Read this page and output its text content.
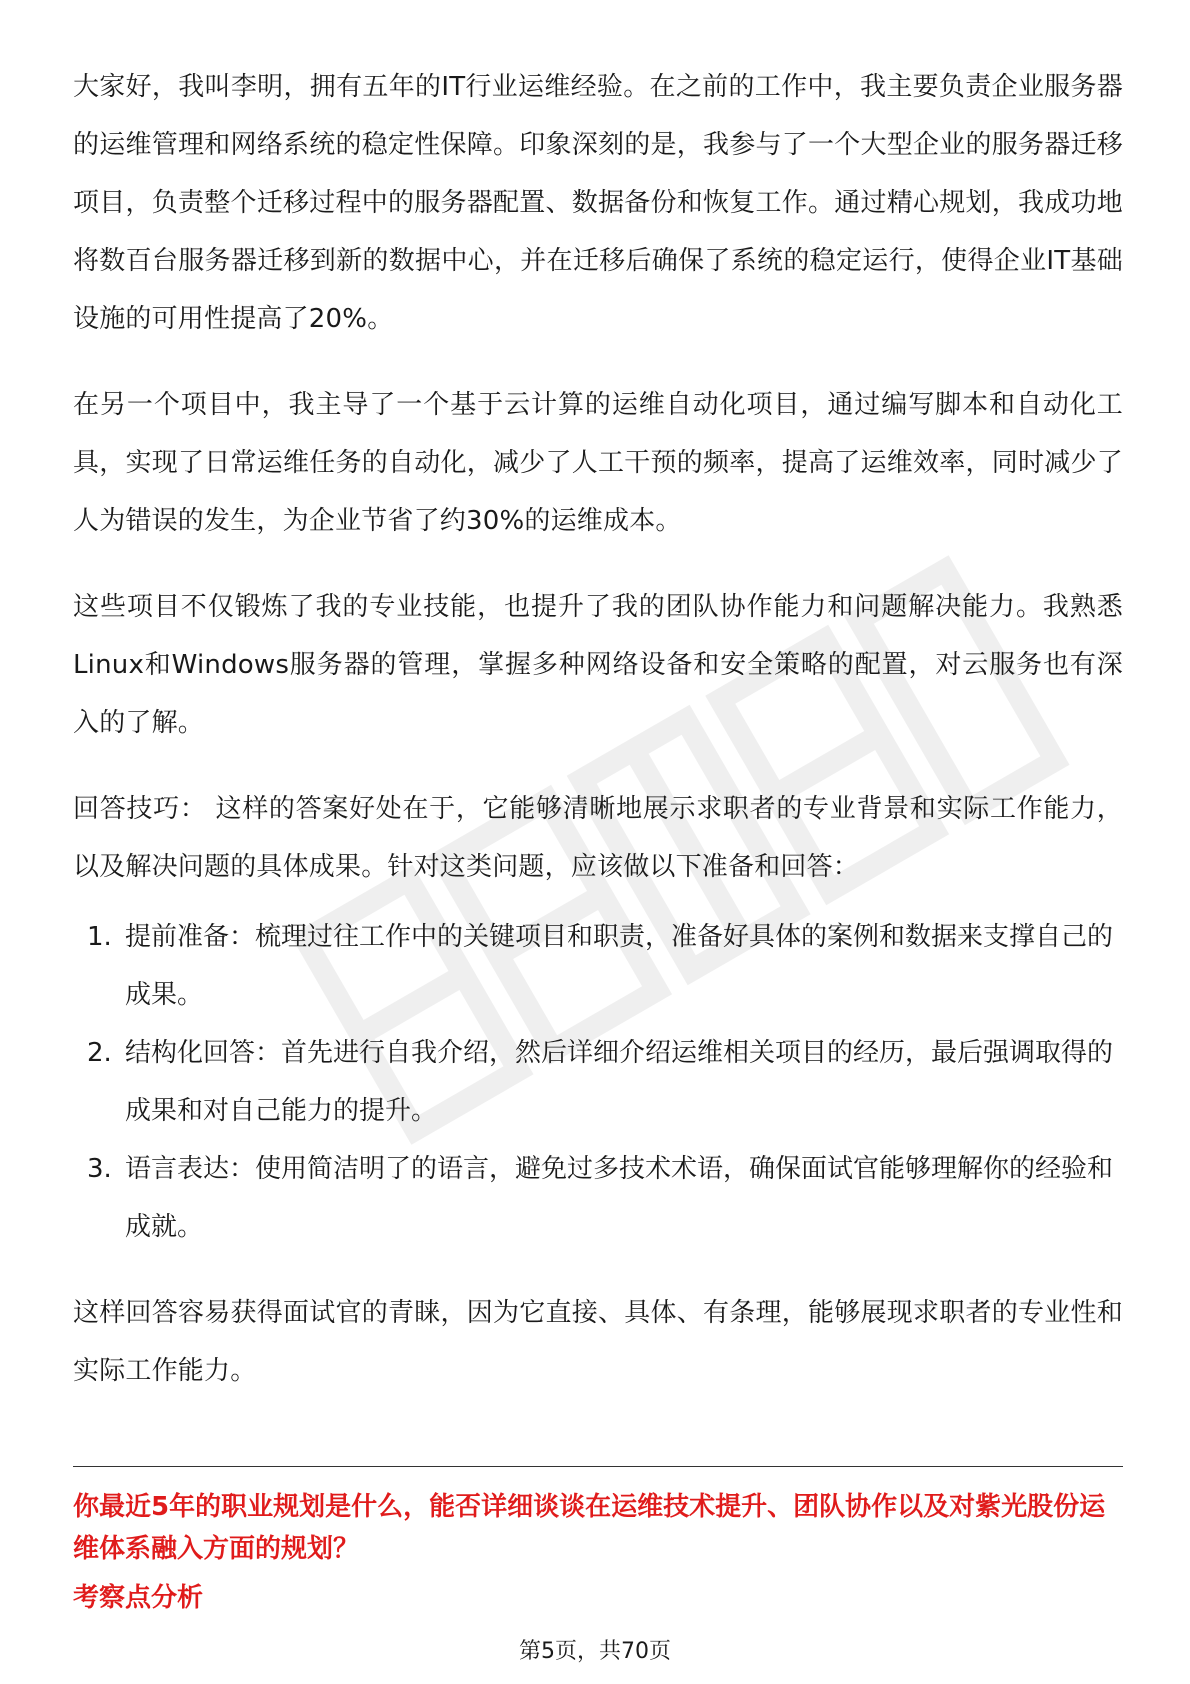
大家好，我叫李明，拥有五年的IT行业运维经验。在之前的工作中，我主要负责企业服务器的运维管理和网络系统的稳定性保障。印象深刻的是，我参与了一个大型企业的服务器迁移项目，负责整个迁移过程中的服务器配置、数据备份和恢复工作。通过精心规划，我成功地将数百台服务器迁移到新的数据中心，并在迁移后确保了系统的稳定运行，使得企业IT基础设施的可用性提高了20%。

在另一个项目中，我主导了一个基于云计算的运维自动化项目，通过编写脚本和自动化工具，实现了日常运维任务的自动化，减少了人工干预的频率，提高了运维效率，同时减少了人为错误的发生，为企业节省了约30%的运维成本。

这些项目不仅锻炼了我的专业技能，也提升了我的团队协作能力和问题解决能力。我熟悉Linux和Windows服务器的管理，掌握多种网络设备和安全策略的配置，对云服务也有深入的了解。

回答技巧： 这样的答案好处在于，它能够清晰地展示求职者的专业背景和实际工作能力，以及解决问题的具体成果。针对这类问题，应该做以下准备和回答：

1. 提前准备：梳理过往工作中的关键项目和职责，准备好具体的案例和数据来支撑自己的成果。
2. 结构化回答：首先进行自我介绍，然后详细介绍运维相关项目的经历，最后强调取得的成果和对自己能力的提升。
3. 语言表达：使用简洁明了的语言，避免过多技术术语，确保面试官能够理解你的经验和成就。

这样回答容易获得面试官的青睐，因为它直接、具体、有条理，能够展现求职者的专业性和实际工作能力。

你最近5年的职业规划是什么，能否详细谈谈在运维技术提升、团队协作以及对紫光股份运维体系融入方面的规划？
考察点分析
第5页，共70页
